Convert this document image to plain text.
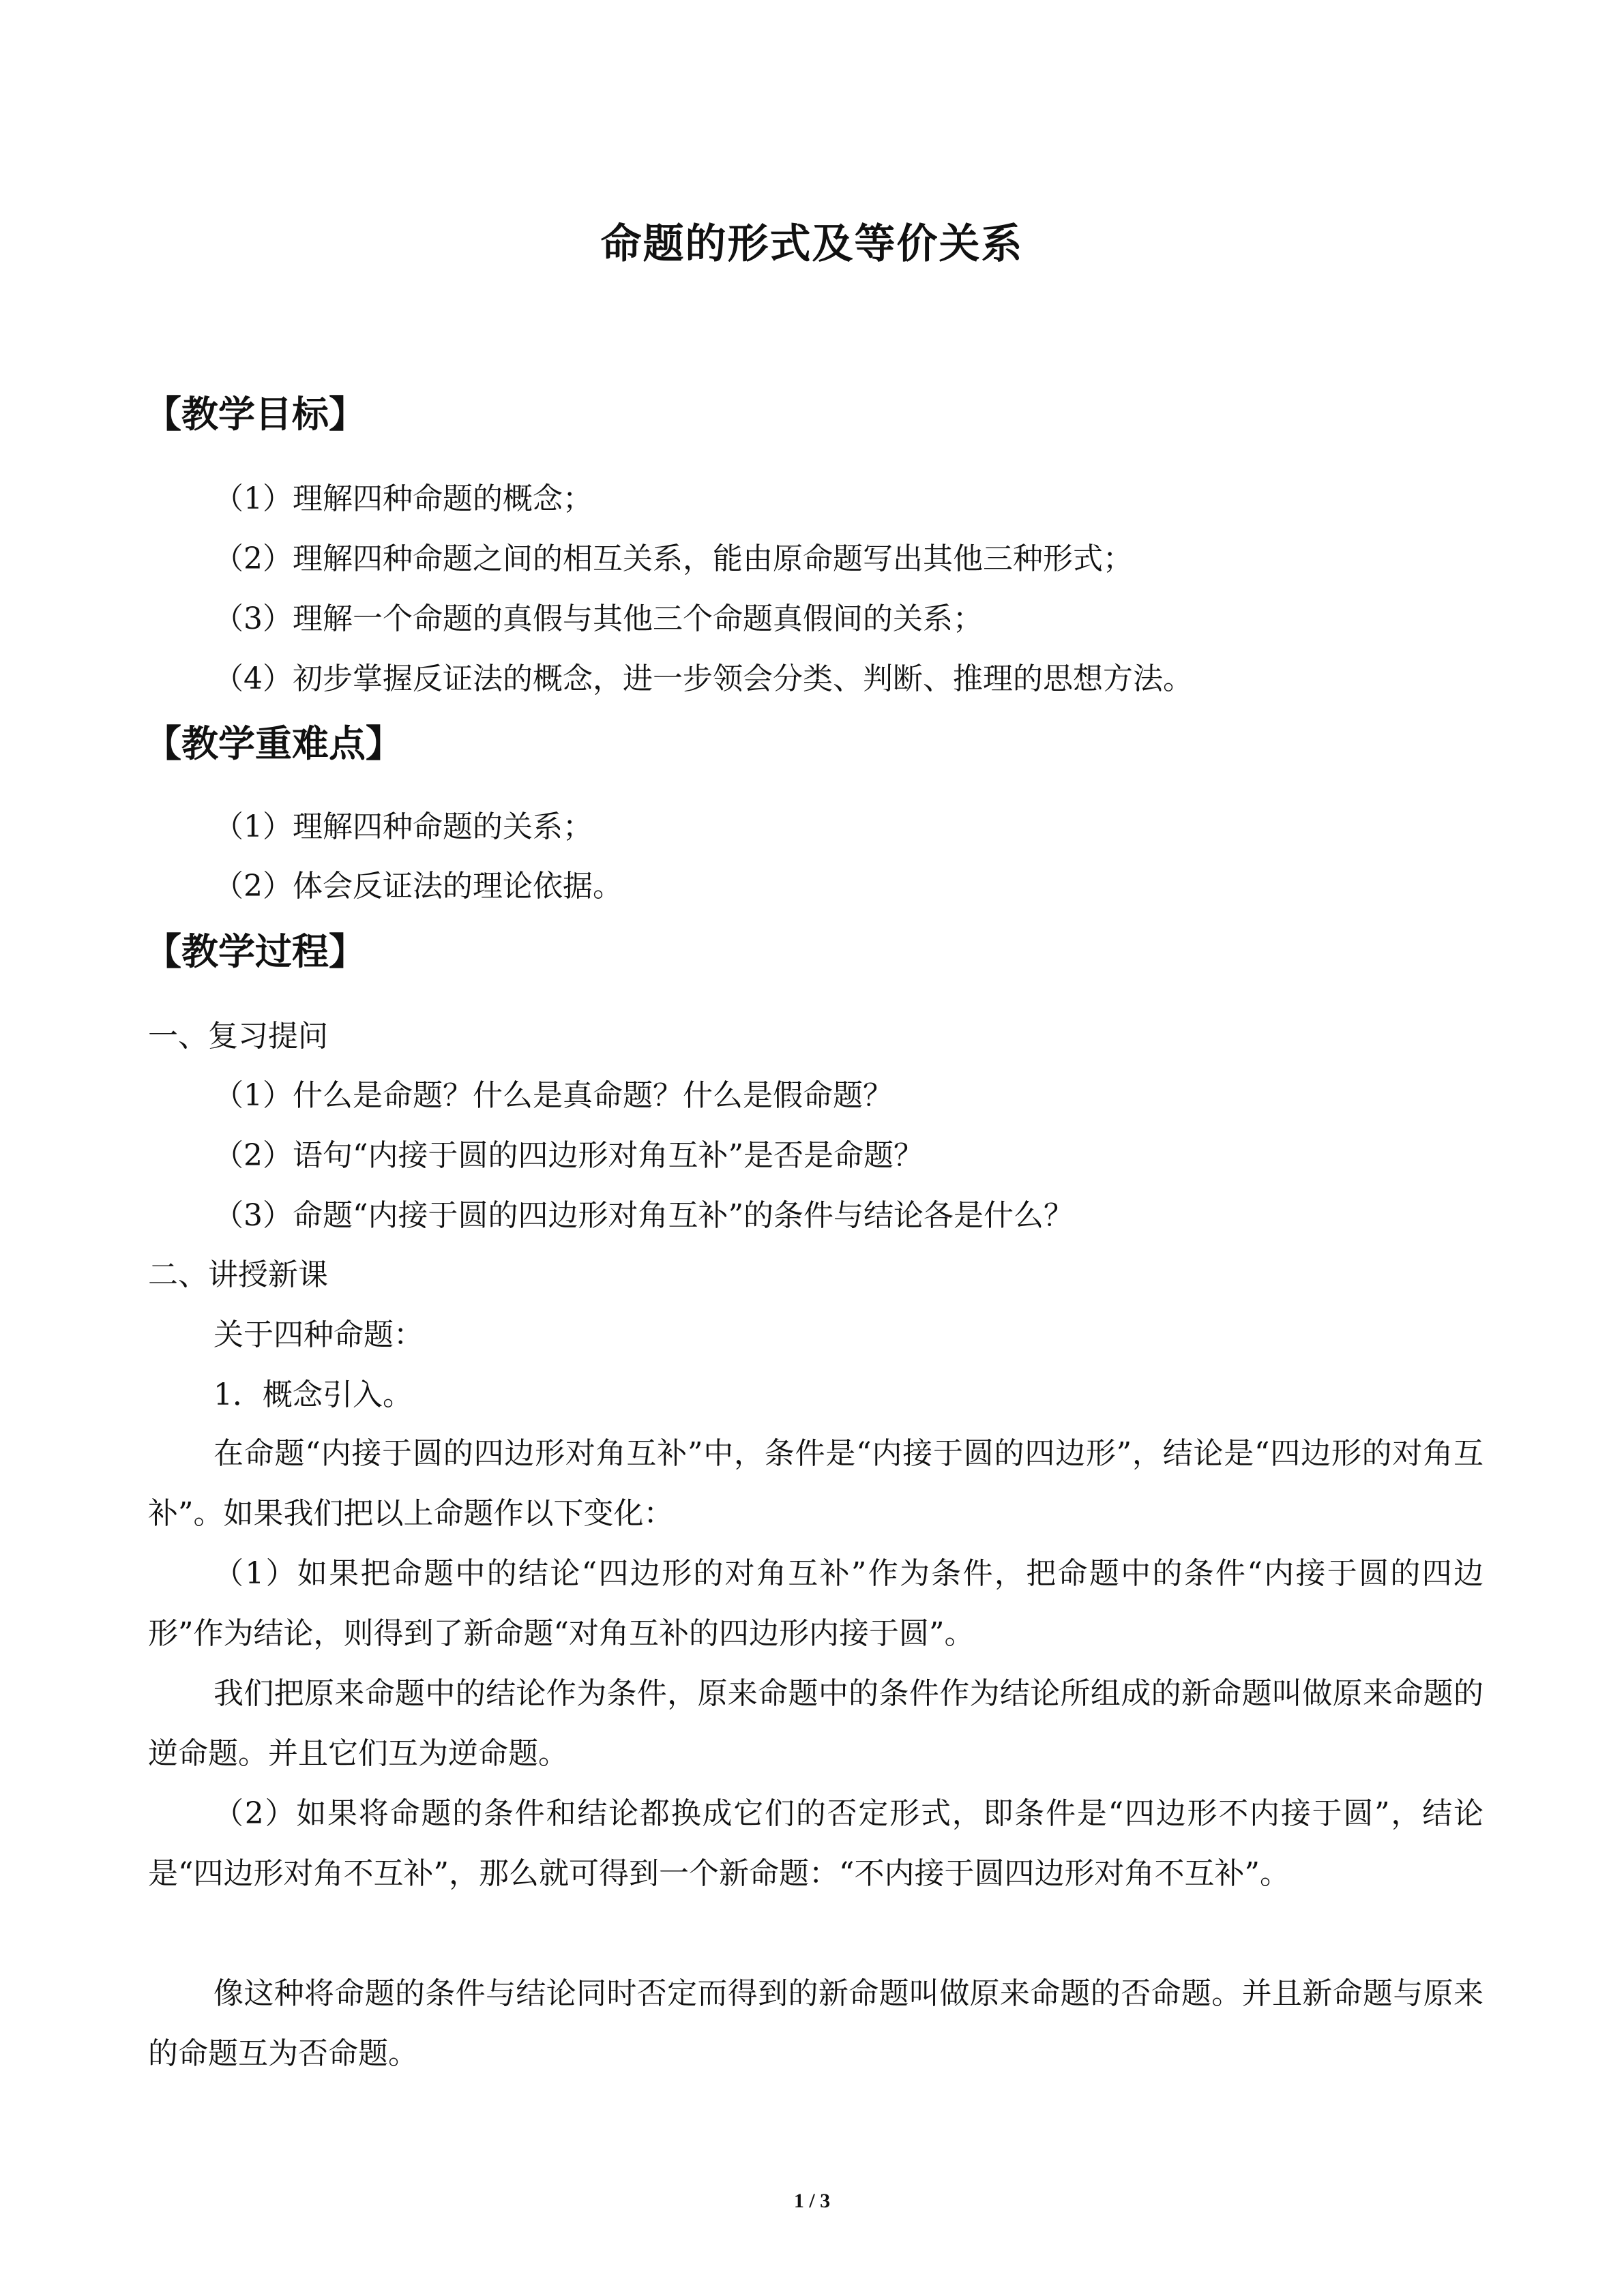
命题的形式及等价关系
【教学目标】
（1）理解四种命题的概念；
（2）理解四种命题之间的相互关系，能由原命题写出其他三种形式；
（3）理解一个命题的真假与其他三个命题真假间的关系；
（4）初步掌握反证法的概念，进一步领会分类、判断、推理的思想方法。
【教学重难点】
（1）理解四种命题的关系；
（2）体会反证法的理论依据。
【教学过程】
一、复习提问
（1）什么是命题？什么是真命题？什么是假命题？
（2）语句“内接于圆的四边形对角互补”是否是命题？
（3）命题“内接于圆的四边形对角互补”的条件与结论各是什么？
二、讲授新课
关于四种命题：
1．概念引入。
在命题“内接于圆的四边形对角互补”中，条件是“内接于圆的四边形”，结论是“四边形的对角互补”。如果我们把以上命题作以下变化：
（1）如果把命题中的结论“四边形的对角互补”作为条件，把命题中的条件“内接于圆的四边形”作为结论，则得到了新命题“对角互补的四边形内接于圆”。
我们把原来命题中的结论作为条件，原来命题中的条件作为结论所组成的新命题叫做原来命题的逆命题。并且它们互为逆命题。
（2）如果将命题的条件和结论都换成它们的否定形式，即条件是“四边形不内接于圆”，结论是“四边形对角不互补”，那么就可得到一个新命题：“不内接于圆四边形对角不互补”。
像这种将命题的条件与结论同时否定而得到的新命题叫做原来命题的否命题。并且新命题与原来的命题互为否命题。
1 / 3
